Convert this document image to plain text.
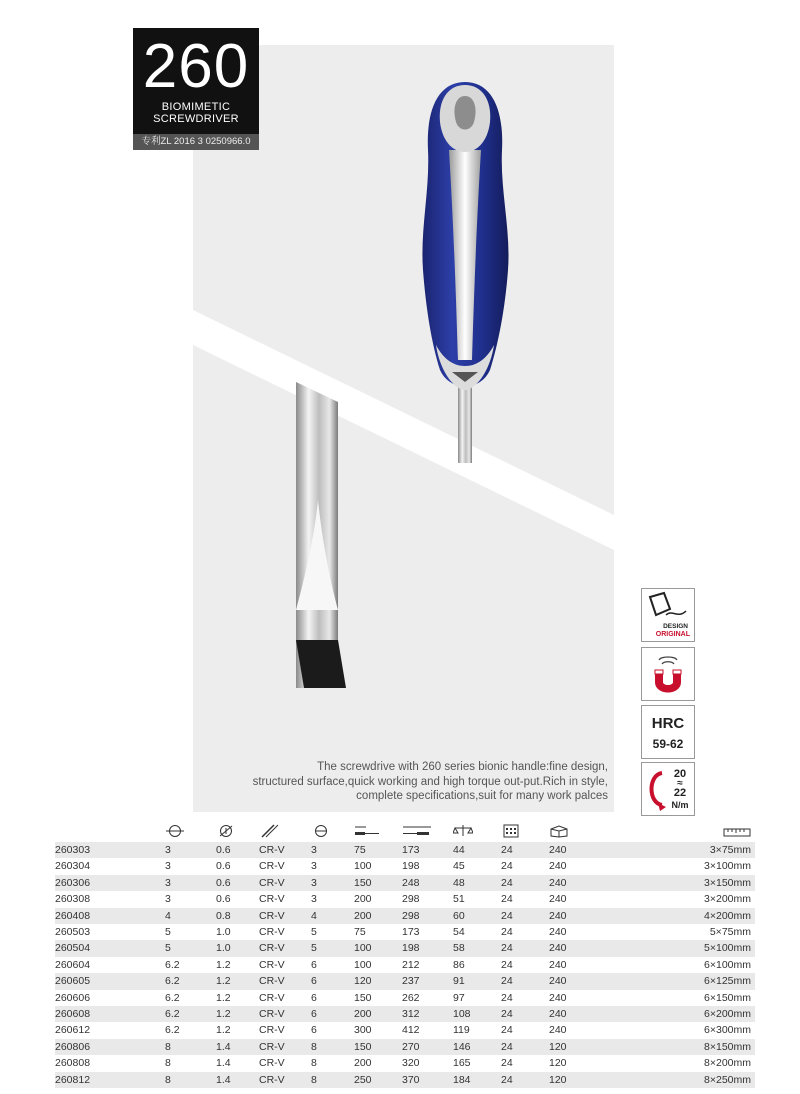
260
BIOMIMETIC
SCREWDRIVER
专利ZL 2016 3 0250966.0
The screwdrive with 260 series bionic handle:fine design,
structured surface,quick working and high torque out-put.Rich in style,
complete specifications,suit for many work palces
DESIGN
ORIGINAL
HRC
59-62
20
≈
22
N/m

260303	3	0.6	CR-V	3	75	173	44	24	240	3×75mm
260304	3	0.6	CR-V	3	100	198	45	24	240	3×100mm
260306	3	0.6	CR-V	3	150	248	48	24	240	3×150mm
260308	3	0.6	CR-V	3	200	298	51	24	240	3×200mm
260408	4	0.8	CR-V	4	200	298	60	24	240	4×200mm
260503	5	1.0	CR-V	5	75	173	54	24	240	5×75mm
260504	5	1.0	CR-V	5	100	198	58	24	240	5×100mm
260604	6.2	1.2	CR-V	6	100	212	86	24	240	6×100mm
260605	6.2	1.2	CR-V	6	120	237	91	24	240	6×125mm
260606	6.2	1.2	CR-V	6	150	262	97	24	240	6×150mm
260608	6.2	1.2	CR-V	6	200	312	108	24	240	6×200mm
260612	6.2	1.2	CR-V	6	300	412	119	24	240	6×300mm
260806	8	1.4	CR-V	8	150	270	146	24	120	8×150mm
260808	8	1.4	CR-V	8	200	320	165	24	120	8×200mm
260812	8	1.4	CR-V	8	250	370	184	24	120	8×250mm
